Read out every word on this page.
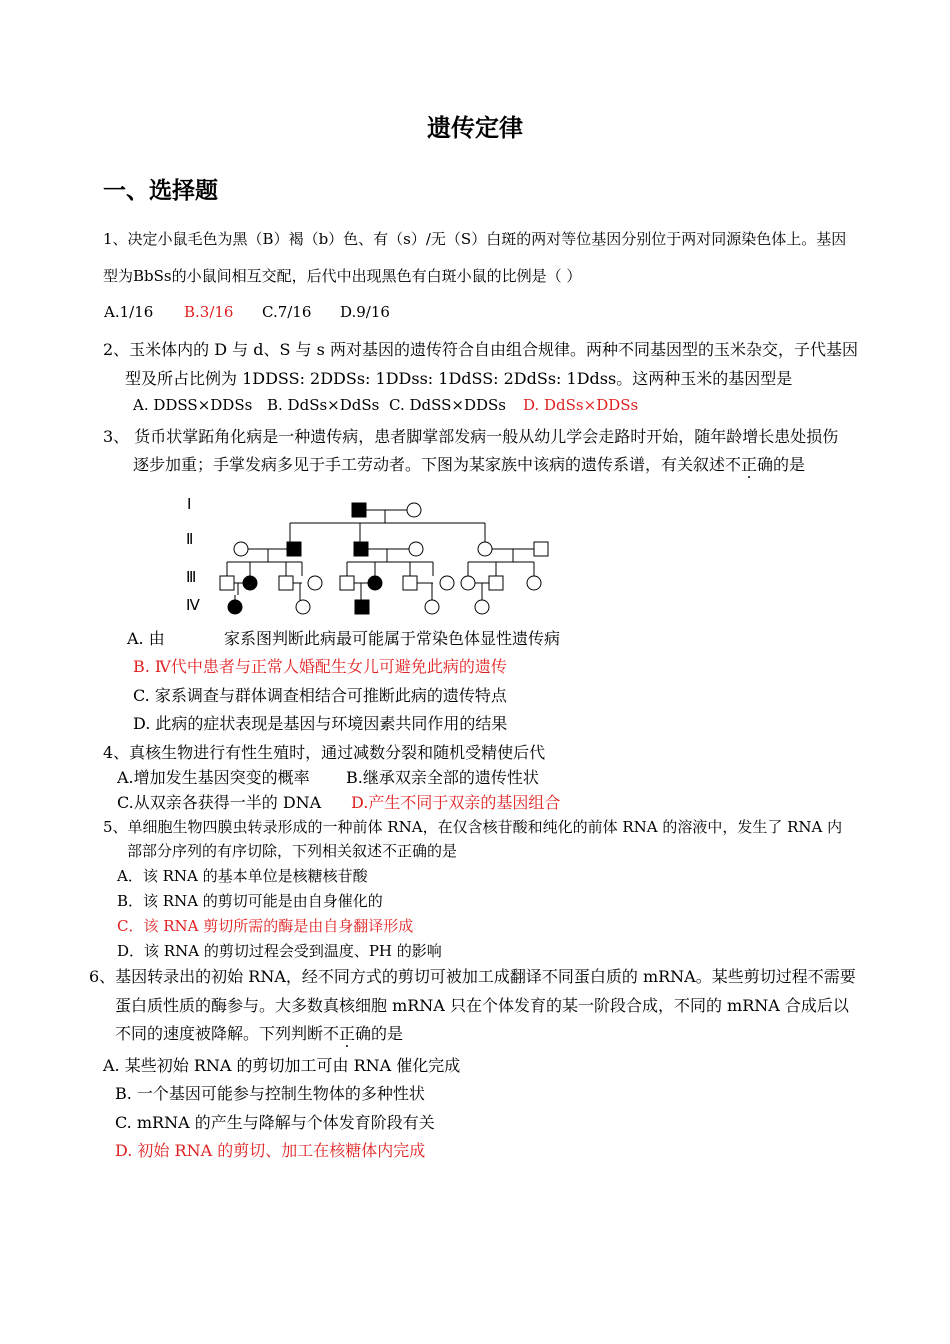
遗传定律
一、选择题
1、决定小鼠毛色为黑（B）褐（b）色、有（s）/无（S）白斑的两对等位基因分别位于两对同源染色体上。基因
型为BbSs的小鼠间相互交配，后代中出现黑色有白斑小鼠的比例是（ ）
A.1/16 B.3/16 C.7/16 D.9/16
2、玉米体内的 D 与 d、S 与 s 两对基因的遗传符合自由组合规律。两种不同基因型的玉米杂交，子代基因
型及所占比例为 1DDSS: 2DDSs: 1DDss: 1DdSS: 2DdSs: 1Ddss。这两种玉米的基因型是
A. DDSS×DDSs B. DdSs×DdSs C. DdSS×DDSs D. DdSs×DDSs
3、 货币状掌跖角化病是一种遗传病，患者脚掌部发病一般从幼儿学会走路时开始，随年龄增长患处损伤
逐步加重；手掌发病多见于手工劳动者。下图为某家族中该病的遗传系谱，有关叙述不正确的是
Ⅰ
Ⅱ
Ⅲ
Ⅳ
A. 由	家系图判断此病最可能属于常染色体显性遗传病
B. Ⅳ代中患者与正常人婚配生女儿可避免此病的遗传
C. 家系调查与群体调查相结合可推断此病的遗传特点
D. 此病的症状表现是基因与环境因素共同作用的结果
4、真核生物进行有性生殖时，通过减数分裂和随机受精使后代
A.增加发生基因突变的概率 B.继承双亲全部的遗传性状
C.从双亲各获得一半的 DNA D.产生不同于双亲的基因组合
5、单细胞生物四膜虫转录形成的一种前体 RNA，在仅含核苷酸和纯化的前体 RNA 的溶液中，发生了 RNA 内
部部分序列的有序切除，下列相关叙述不正确的是
A．该 RNA 的基本单位是核糖核苷酸
B．该 RNA 的剪切可能是由自身催化的
C．该 RNA 剪切所需的酶是由自身翻译形成
D．该 RNA 的剪切过程会受到温度、PH 的影响
6、基因转录出的初始 RNA，经不同方式的剪切可被加工成翻译不同蛋白质的 mRNA。某些剪切过程不需要
蛋白质性质的酶参与。大多数真核细胞 mRNA 只在个体发育的某一阶段合成，不同的 mRNA 合成后以
不同的速度被降解。下列判断不正确的是
A. 某些初始 RNA 的剪切加工可由 RNA 催化完成
B. 一个基因可能参与控制生物体的多种性状
C. mRNA 的产生与降解与个体发育阶段有关
D. 初始 RNA 的剪切、加工在核糖体内完成
